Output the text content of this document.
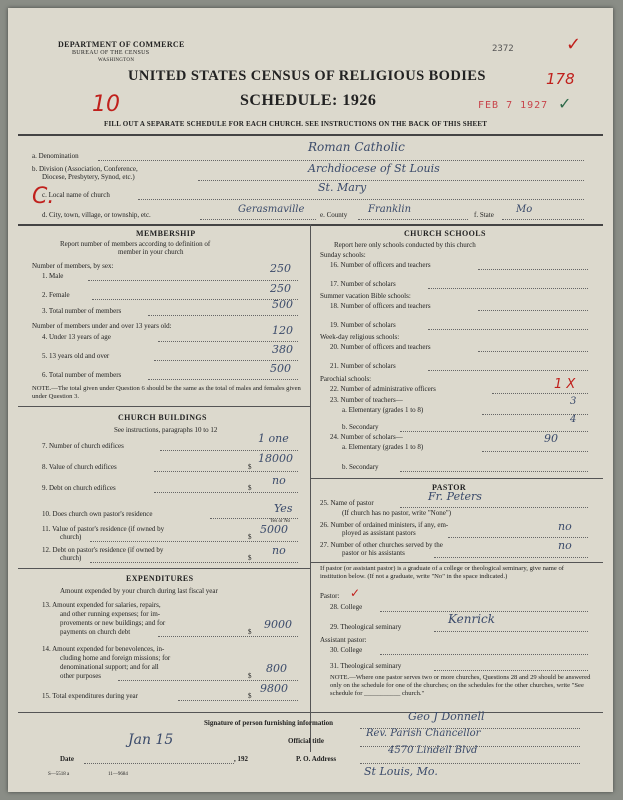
DEPARTMENT OF COMMERCE
BUREAU OF THE CENSUS
WASHINGTON
2372	✓
UNITED STATES CENSUS OF RELIGIOUS BODIES	178
10	SCHEDULE: 1926	FEB 7 1927 ✓
FILL OUT A SEPARATE SCHEDULE FOR EACH CHURCH. SEE INSTRUCTIONS ON THE BACK OF THIS SHEET
a. Denomination
Roman Catholic
b. Division (Association, Conference,
Diocese, Presbytery, Synod, etc.)
Archdiocese of St Louis
C.
c. Local name of church
St. Mary
d. City, town, village, or township, etc.	Gerasmaville e. County Franklin	f. State Mo
MEMBERSHIP
Report number of members according to definition of
member in your church
Number of members, by sex:
1. Male
250
2. Female	250
3. Total number of members	500
Number of members under and over 13 years old:
4. Under 13 years of age	120
5. 13 years old and over	380
6. Total number of members	500
NOTE.—The total given under Question 6 should be the same as the total of males and females given under Question 3.
CHURCH BUILDINGS
See instructions, paragraphs 10 to 12
7. Number of church edifices
1 one
8. Value of church edifices	$
18000
9. Debt on church edifices	$
no
10. Does church own pastor's residence	Yes
Yes or No
11. Value of pastor's residence (if owned by
church)	$
5000
12. Debt on pastor's residence (if owned by
church)	$
no
EXPENDITURES
Amount expended by your church during last fiscal year
13. Amount expended for salaries, repairs,
and other running expenses; for im-
provements or new buildings; and for
payments on church debt	$
9000
14. Amount expended for benevolences, in-
cluding home and foreign missions; for
denominational support; and for all
other purposes	$
800
15. Total expenditures during year	$
9800
CHURCH SCHOOLS
Report here only schools conducted by this church
Sunday schools:
16. Number of officers and teachers
17. Number of scholars
Summer vacation Bible schools:
18. Number of officers and teachers
19. Number of scholars
Week-day religious schools:
20. Number of officers and teachers
21. Number of scholars
Parochial schools:
22. Number of administrative officers	1 X
23. Number of teachers—
a. Elementary (grades 1 to 8)
3
b. Secondary
4
24. Number of scholars—
a. Elementary (grades 1 to 8)
90
b. Secondary
PASTOR
25. Name of pastor	Fr. Peters
(If church has no pastor, write "None")
26. Number of ordained ministers, if any, em-
ployed as assistant pastors	no
27. Number of other churches served by the
pastor or his assistants
no
If pastor (or assistant pastor) is a graduate of a college or theological seminary, give name of institution below. (If not a graduate, write "No" in the space indicated.)
Pastor: ✓
28. College
29. Theological seminary
Kenrick
Assistant pastor:
30. College
31. Theological seminary
NOTE.—Where one pastor serves two or more churches, Questions 28 and 29 should be answered only on the schedule for one of the churches; on the schedules for the other churches, write "See schedule for ___________ church."
Signature of person furnishing information	Geo J Donnell
Official title
Rev. Parish Chancellor
Jan 15
Date	, 192	P. O. Address
4570 Lindell Blvd
St Louis, Mo.
S—5518 a	11—9684
